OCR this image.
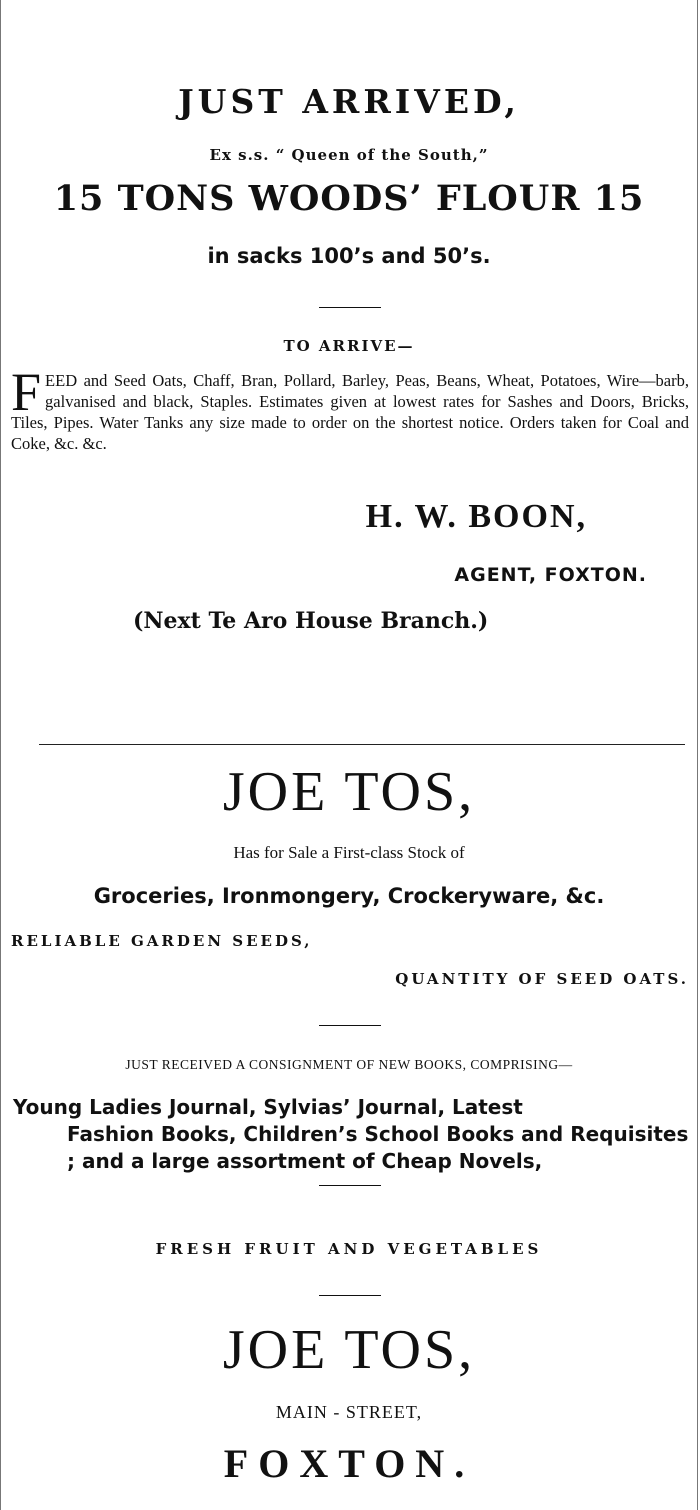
JUST ARRIVED,
Ex s.s. “ Queen of the South,”
15 TONS WOODS’ FLOUR 15
in sacks 100’s and 50’s.
TO ARRIVE—
FEED and Seed Oats, Chaff, Bran, Pollard, Barley, Peas, Beans, Wheat, Potatoes, Wire—barb, galvanised and black, Staples. Estimates given at lowest rates for Sashes and Doors, Bricks, Tiles, Pipes. Water Tanks any size made to order on the shortest notice. Orders taken for Coal and Coke, &c. &c.
H. W. BOON,
AGENT, FOXTON.
(Next Te Aro House Branch.)
JOE TOS,
Has for Sale a First-class Stock of
Groceries, Ironmongery, Crockeryware, &c.
RELIABLE GARDEN SEEDS,
QUANTITY OF SEED OATS.
JUST RECEIVED A CONSIGNMENT OF NEW BOOKS, COMPRISING—
Young Ladies Journal, Sylvias’ Journal, Latest
Fashion Books, Children’s School Books and Requisites ; and a large assortment of Cheap Novels,
FRESH FRUIT AND VEGETABLES
JOE TOS,
MAIN - STREET,
FOXTON.
